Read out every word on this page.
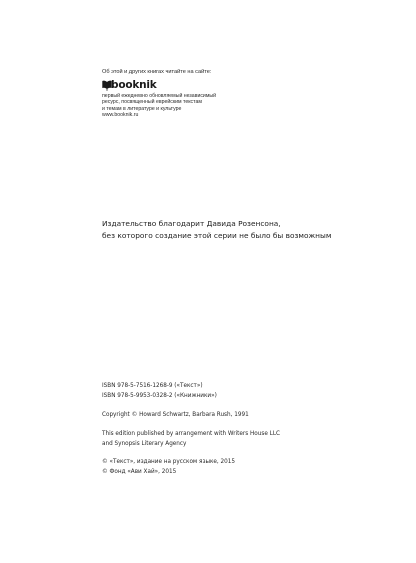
Об этой и других книгах читайте на сайте:
booknik
первый ежедневно обновляемый независимый
ресурс, посвященный еврейским текстам
и темам в литературе и культуре
www.booknik.ru
Издательство благодарит Давида Розенсона,
без которого создание этой серии не было бы возможным
ISBN 978-5-7516-1268-9 («Текст»)
ISBN 978-5-9953-0328-2 («Книжники»)
Copyright © Howard Schwartz, Barbara Rush, 1991
This edition published by arrangement with Writers House LLC
and Synopsis Literary Agency
© «Текст», издание на русском языке, 2015
© Фонд «Ави Хай», 2015
